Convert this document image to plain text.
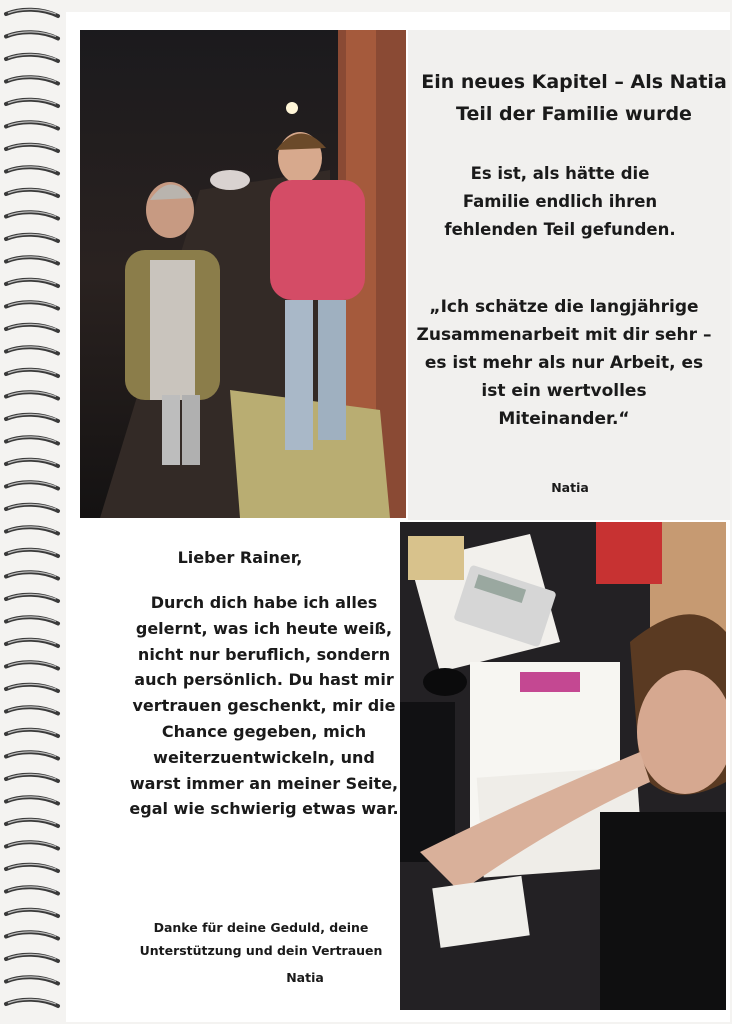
Ein neues Kapitel – Als Natia Teil der Familie wurde

Es ist, als hätte die Familie endlich ihren fehlenden Teil gefunden.

„Ich schätze die langjährige Zusammenarbeit mit dir sehr – es ist mehr als nur Arbeit, es ist ein wertvolles Miteinander.“

Natia

Lieber Rainer,

Durch dich habe ich alles gelernt, was ich heute weiß, nicht nur beruflich, sondern auch persönlich. Du hast mir vertrauen geschenkt, mir die Chance gegeben, mich weiterzuentwickeln, und warst immer an meiner Seite, egal wie schwierig etwas war.

Danke für deine Geduld, deine Unterstützung und dein Vertrauen

Natia
